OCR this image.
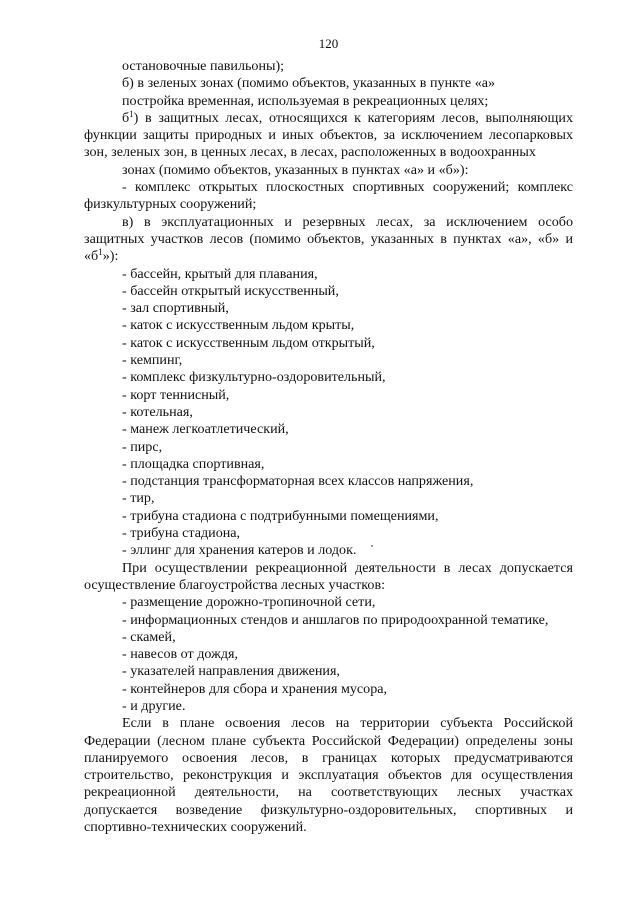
120

остановочные павильоны);

б) в зеленых зонах (помимо объектов, указанных в пункте «а»

постройка временная, используемая в рекреационных целях;

$б^1$) в защитных лесах, относящихся к категориям лесов, выполняющих

функции защиты природных и иных объектов, за исключением лесопарковых

зон, зеленых зон, в ценных лесах, в лесах, расположенных в водоохранных

зонах (помимо объектов, указанных в пунктах «а» и «б»):

- комплекс открытых плоскостных спортивных сооружений; комплекс

физкультурных сооружений;

в) в эксплуатационных и резервных лесах, за исключением особо

защитных участков лесов (помимо объектов, указанных в пунктах «а», «б» и

«$б^1$»):

- бассейн, крытый для плавания,

- бассейн открытый искусственный,

- зал спортивный,

- каток с искусственным льдом крыты,

- каток с искусственным льдом открытый,

- кемпинг,

- комплекс физкультурно-оздоровительный,

- корт теннисный,

- котельная,

- манеж легкоатлетический,

- пирс,

- площадка спортивная,

- подстанция трансформаторная всех классов напряжения,

- тир,

- трибуна стадиона с подтрибунными помещениями,

- трибуна стадиона,

- эллинг для хранения катеров и лодок.

При осуществлении рекреационной деятельности в лесах допускается

осуществление благоустройства лесных участков:

- размещение дорожно-тропиночной сети,

- информационных стендов и аншлагов по природоохранной тематике,

- скамей,

- навесов от дождя,

- указателей направления движения,

- контейнеров для сбора и хранения мусора,

- и другие.

Если в плане освоения лесов на территории субъекта Российской

Федерации (лесном плане субъекта Российской Федерации) определены зоны

планируемого освоения лесов, в границах которых предусматриваются

строительство, реконструкция и эксплуатация объектов для осуществления

рекреационной деятельности, на соответствующих лесных участках

допускается возведение физкультурно-оздоровительных, спортивных и

спортивно-технических сооружений.
